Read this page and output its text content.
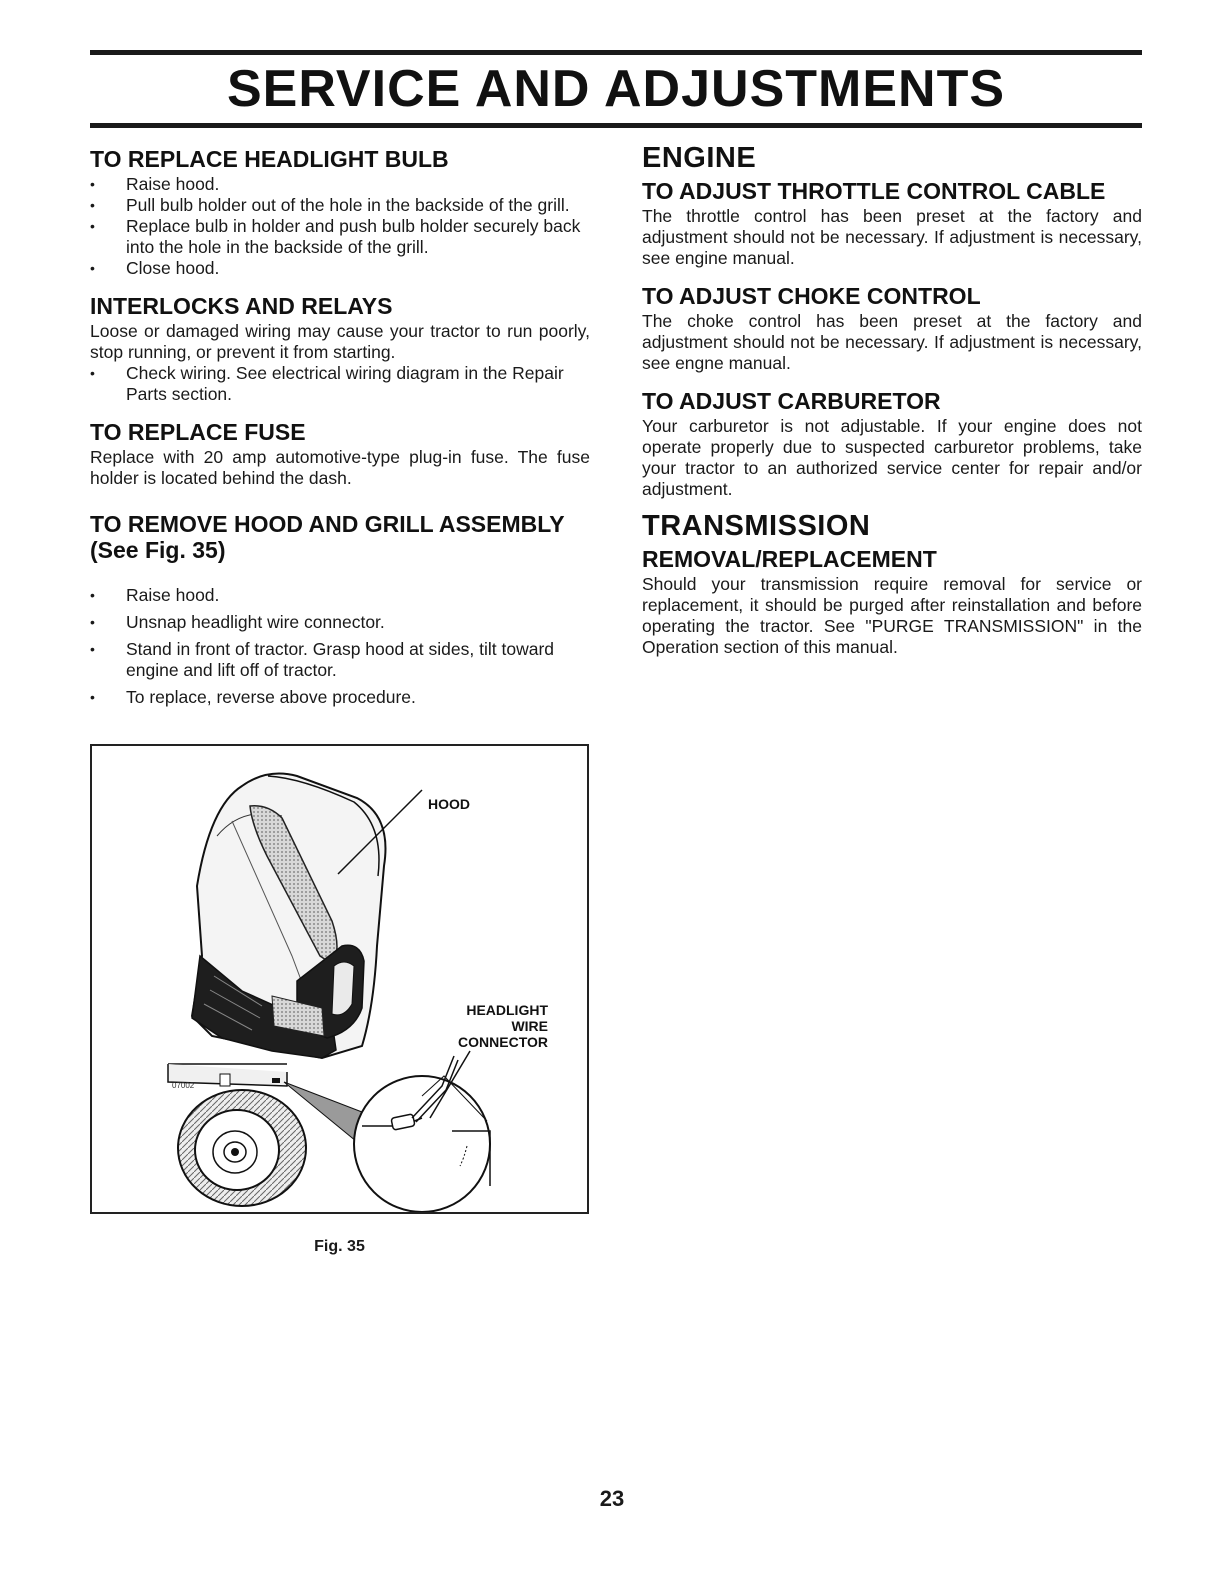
SERVICE AND ADJUSTMENTS
TO REPLACE HEADLIGHT BULB
• Raise hood.
• Pull bulb holder out of the hole in the backside of the grill.
• Replace bulb in holder and push bulb holder securely back into the hole in the backside of the grill.
• Close hood.
INTERLOCKS AND RELAYS

Loose or damaged wiring may cause your tractor to run poorly, stop running, or prevent it from starting.

• Check wiring. See electrical wiring diagram in the Repair Parts section.
TO REPLACE FUSE

Replace with 20 amp automotive-type plug-in fuse. The fuse holder is located behind the dash.

TO REMOVE HOOD AND GRILL ASSEMBLY
(See Fig. 35)
• Raise hood.
• Unsnap headlight wire connector.
• Stand in front of tractor. Grasp hood at sides, tilt toward engine and lift off of tractor.
• To replace, reverse above procedure.
ENGINE
TO ADJUST THROTTLE CONTROL CABLE

The throttle control has been preset at the factory and adjustment should not be necessary. If adjustment is necessary, see engine manual.

TO ADJUST CHOKE CONTROL

The choke control has been preset at the factory and adjustment should not be necessary. If adjustment is necessary, see engne manual.

TO ADJUST CARBURETOR

Your carburetor is not adjustable. If your engine does not operate properly due to suspected carburetor problems, take your tractor to an authorized service center for repair and/or adjustment.

TRANSMISSION
REMOVAL/REPLACEMENT

Should your transmission require removal for service or replacement, it should be purged after reinstallation and before operating the tractor. See "PURGE TRANSMISSION" in the Operation section of this manual.

07002
HOOD
HEADLIGHT
WIRE
CONNECTOR
Fig. 35
23
